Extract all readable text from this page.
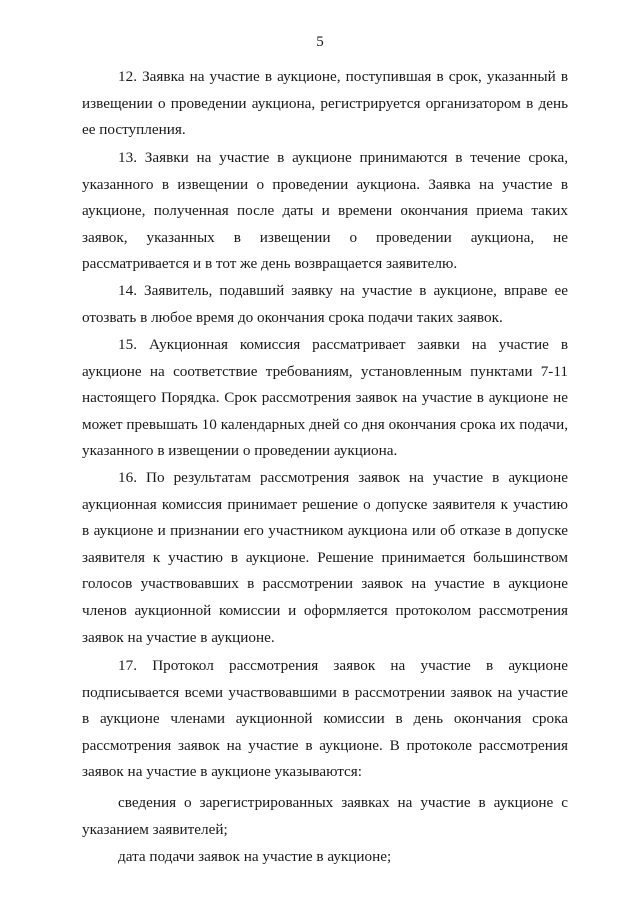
5

12. Заявка на участие в аукционе, поступившая в срок, указанный в извещении о проведении аукциона, регистрируется организатором в день ее поступления.

13. Заявки на участие в аукционе принимаются в течение срока, указанного в извещении о проведении аукциона. Заявка на участие в аукционе, полученная после даты и времени окончания приема таких заявок, указанных в извещении о проведении аукциона, не рассматривается и в тот же день возвращается заявителю.

14. Заявитель, подавший заявку на участие в аукционе, вправе ее отозвать в любое время до окончания срока подачи таких заявок.

15. Аукционная комиссия рассматривает заявки на участие в аукционе на соответствие требованиям, установленным пунктами 7-11 настоящего Порядка. Срок рассмотрения заявок на участие в аукционе не может превышать 10 календарных дней со дня окончания срока их подачи, указанного в извещении о проведении аукциона.

16. По результатам рассмотрения заявок на участие в аукционе аукционная комиссия принимает решение о допуске заявителя к участию в аукционе и признании его участником аукциона или об отказе в допуске заявителя к участию в аукционе. Решение принимается большинством голосов участвовавших в рассмотрении заявок на участие в аукционе членов аукционной комиссии и оформляется протоколом рассмотрения заявок на участие в аукционе.

17. Протокол рассмотрения заявок на участие в аукционе подписывается всеми участвовавшими в рассмотрении заявок на участие в аукционе членами аукционной комиссии в день окончания срока рассмотрения заявок на участие в аукционе. В протоколе рассмотрения заявок на участие в аукционе указываются:

сведения о зарегистрированных заявках на участие в аукционе с указанием заявителей;

дата подачи заявок на участие в аукционе;
